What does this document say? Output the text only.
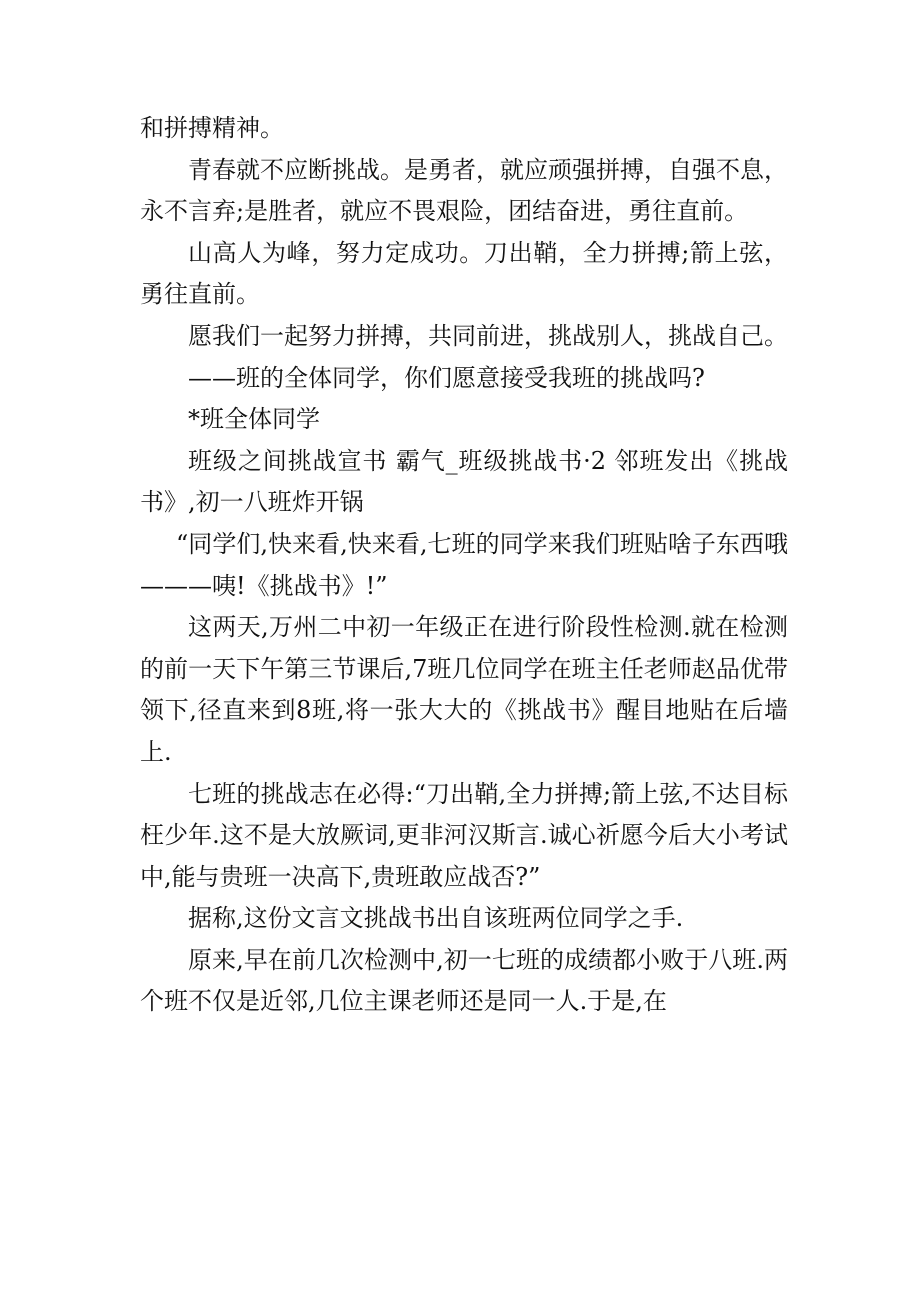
和拼搏精神。

青春就不应断挑战。是勇者，就应顽强拼搏，自强不息，永不言弃;是胜者，就应不畏艰险，团结奋进，勇往直前。

山高人为峰，努力定成功。刀出鞘，全力拼搏;箭上弦，勇往直前。

愿我们一起努力拼搏，共同前进，挑战别人，挑战自己。

——班的全体同学，你们愿意接受我班的挑战吗?

*班全体同学

班级之间挑战宣书 霸气_班级挑战书·2 邻班发出《挑战书》,初一八班炸开锅

“同学们,快来看,快来看,七班的同学来我们班贴啥子东西哦———咦!《挑战书》!”

这两天,万州二中初一年级正在进行阶段性检测.就在检测的前一天下午第三节课后,7班几位同学在班主任老师赵品优带领下,径直来到8班,将一张大大的《挑战书》醒目地贴在后墙上.

七班的挑战志在必得:“刀出鞘,全力拼搏;箭上弦,不达目标枉少年.这不是大放厥词,更非河汉斯言.诚心祈愿今后大小考试中,能与贵班一决高下,贵班敢应战否?”

据称,这份文言文挑战书出自该班两位同学之手.

原来,早在前几次检测中,初一七班的成绩都小败于八班.两个班不仅是近邻,几位主课老师还是同一人.于是,在
